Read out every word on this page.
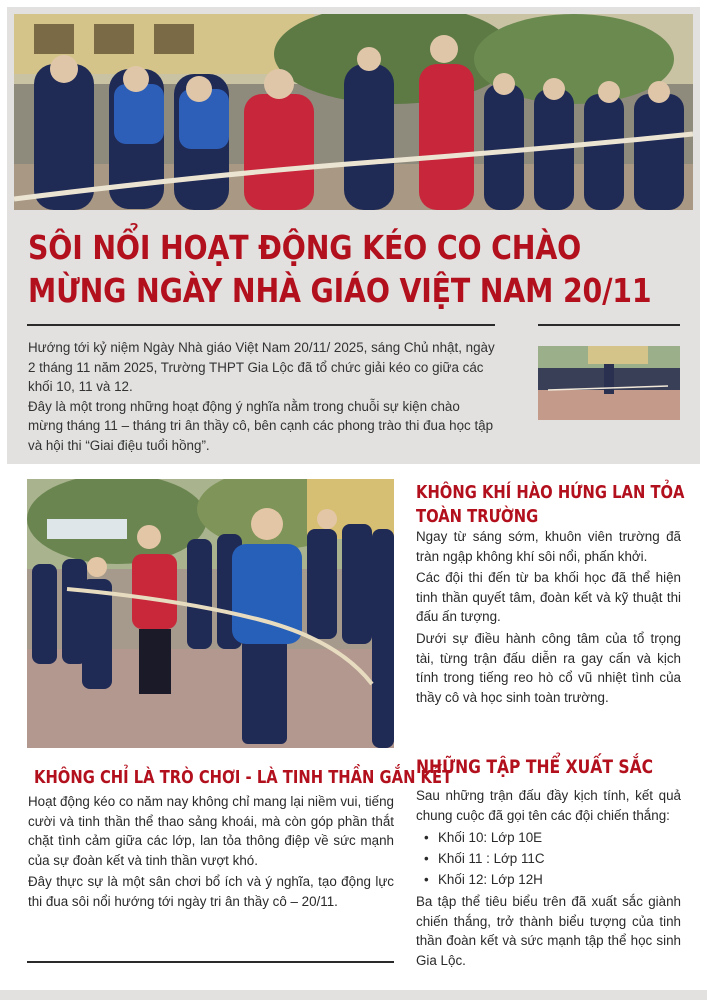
SÔI NỔI HOẠT ĐỘNG KÉO CO CHÀO
MỪNG NGÀY NHÀ GIÁO VIỆT NAM 20/11

Hướng tới kỷ niệm Ngày Nhà giáo Việt Nam 20/11/ 2025, sáng Chủ nhật, ngày 2 tháng 11 năm 2025, Trường THPT Gia Lộc đã tổ chức giải kéo co giữa các khối 10, 11 và 12.

Đây là một trong những hoạt động ý nghĩa nằm trong chuỗi sự kiện chào mừng tháng 11 – tháng tri ân thầy cô, bên cạnh các phong trào thi đua học tập và hội thi “Giai điệu tuổi hồng”.

KHÔNG KHÍ HÀO HỨNG LAN TỎA
TOÀN TRƯỜNG

Ngay từ sáng sớm, khuôn viên trường đã tràn ngập không khí sôi nổi, phấn khởi.

Các đội thi đến từ ba khối học đã thể hiện tinh thần quyết tâm, đoàn kết và kỹ thuật thi đấu ấn tượng.

Dưới sự điều hành công tâm của tổ trọng tài, từng trận đấu diễn ra gay cấn và kịch tính trong tiếng reo hò cổ vũ nhiệt tình của thầy cô và học sinh toàn trường.

KHÔNG CHỈ LÀ TRÒ CHƠI - LÀ TINH THẦN GẮN KẾT

Hoạt động kéo co năm nay không chỉ mang lại niềm vui, tiếng cười và tinh thần thể thao sảng khoái, mà còn góp phần thắt chặt tình cảm giữa các lớp, lan tỏa thông điệp về sức mạnh của sự đoàn kết và tinh thần vượt khó.

Đây thực sự là một sân chơi bổ ích và ý nghĩa, tạo động lực thi đua sôi nổi hướng tới ngày tri ân thầy cô – 20/11.

NHỮNG TẬP THỂ XUẤT SẮC

Sau những trận đấu đầy kịch tính, kết quả chung cuộc đã gọi tên các đội chiến thắng:

• Khối 10: Lớp 10E
• Khối 11 : Lớp 11C
• Khối 12: Lớp 12H

Ba tập thể tiêu biểu trên đã xuất sắc giành chiến thắng, trở thành biểu tượng của tinh thần đoàn kết và sức mạnh tập thể học sinh Gia Lộc.
